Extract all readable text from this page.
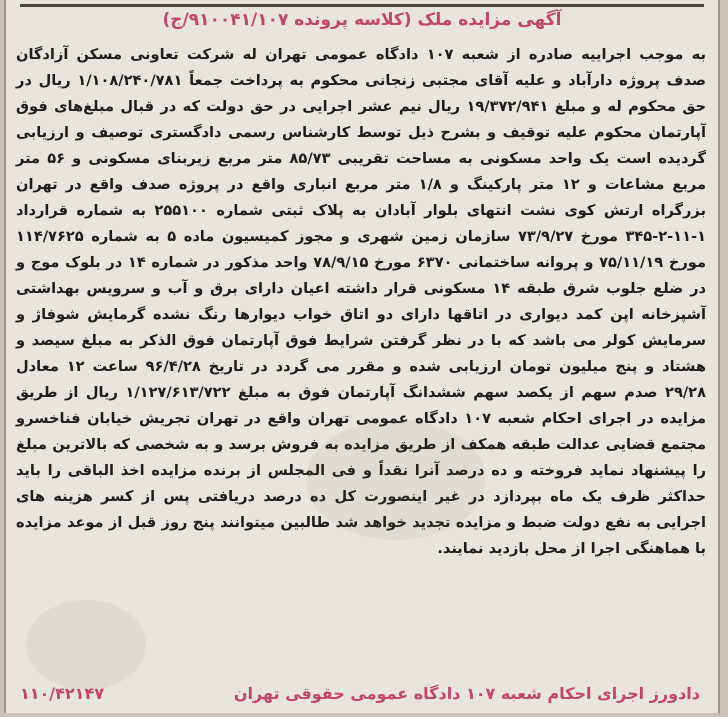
آگهی مزایده ملک (کلاسه پرونده ۹۱۰۰۴۱/۱۰۷/ج)
به موجب اجراییه صادره از شعبه ۱۰۷ دادگاه عمومی تهران له شرکت تعاونی مسکن آزادگان صدف پروژه دارآباد و علیه آقای مجتبی زنجانی محکوم به پرداخت جمعاً ۱/۱۰۸/۲۴۰/۷۸۱ ریال در حق محکوم له و مبلغ ۱۹/۳۷۲/۹۴۱ ریال نیم عشر اجرایی در حق دولت که در قبال مبلغ‌های فوق آپارتمان محکوم علیه توقیف و بشرح ذیل توسط کارشناس رسمی دادگستری توصیف و ارزیابی گردیده است یک واحد مسکونی به مساحت تقریبی ۸۵/۷۳ متر مربع زیربنای مسکونی و ۵۶ متر مربع مشاعات و ۱۲ متر پارکینگ و ۱/۸ متر مربع انباری واقع در پروژه صدف واقع در تهران بزرگراه ارتش کوی نشت انتهای بلوار آبادان به پلاک ثبتی شماره ۲۵۵۱۰۰ به شماره قرارداد ۱-۱۱-۲-۳۴۵ مورخ ۷۳/۹/۲۷ سازمان زمین شهری و مجوز کمیسیون ماده ۵ به شماره ۱۱۴/۷۶۲۵ مورخ ۷۵/۱۱/۱۹ و پروانه ساختمانی ۶۳۷۰ مورخ ۷۸/۹/۱۵ واحد مذکور در شماره ۱۴ در بلوک موج و در ضلع جلوب شرق طبقه ۱۴ مسکونی قرار داشته اعیان دارای برق و آب و سرویس بهداشتی آشپزخانه اپن کمد دیواری در اتاقها دارای دو اتاق خواب دیوارها رنگ نشده گرمایش شوفاژ و سرمایش کولر می باشد که با در نظر گرفتن شرایط فوق آپارتمان فوق الذکر به مبلغ سیصد و هشتاد و پنج میلیون تومان ارزیابی شده و مقرر می گردد در تاریخ ۹۶/۴/۲۸ ساعت ۱۲ معادل ۲۹/۲۸ صدم سهم از یکصد سهم ششدانگ آپارتمان فوق به مبلغ ۱/۱۲۷/۶۱۳/۷۲۲ ریال از طریق مزایده در اجرای احکام شعبه ۱۰۷ دادگاه عمومی تهران واقع در تهران تجریش خیابان فناخسرو مجتمع قضایی عدالت طبقه همکف از طریق مزایده به فروش برسد و به شخصی که بالاترین مبلغ را پیشنهاد نماید فروخته و ده درصد آنرا نقداً و فی المجلس از برنده مزایده اخذ الباقی را باید حداکثر ظرف یک ماه بپردازد در غیر اینصورت کل ده درصد دریافتی پس از کسر هزینه های اجرایی به نفع دولت ضبط و مزایده تجدید خواهد شد طالبین میتوانند پنج روز قبل از موعد مزایده با هماهنگی اجرا از محل بازدید نمایند.
دادورز اجرای احکام شعبه ۱۰۷ دادگاه عمومی حقوقی تهران
۱۱۰/۴۲۱۴۷
